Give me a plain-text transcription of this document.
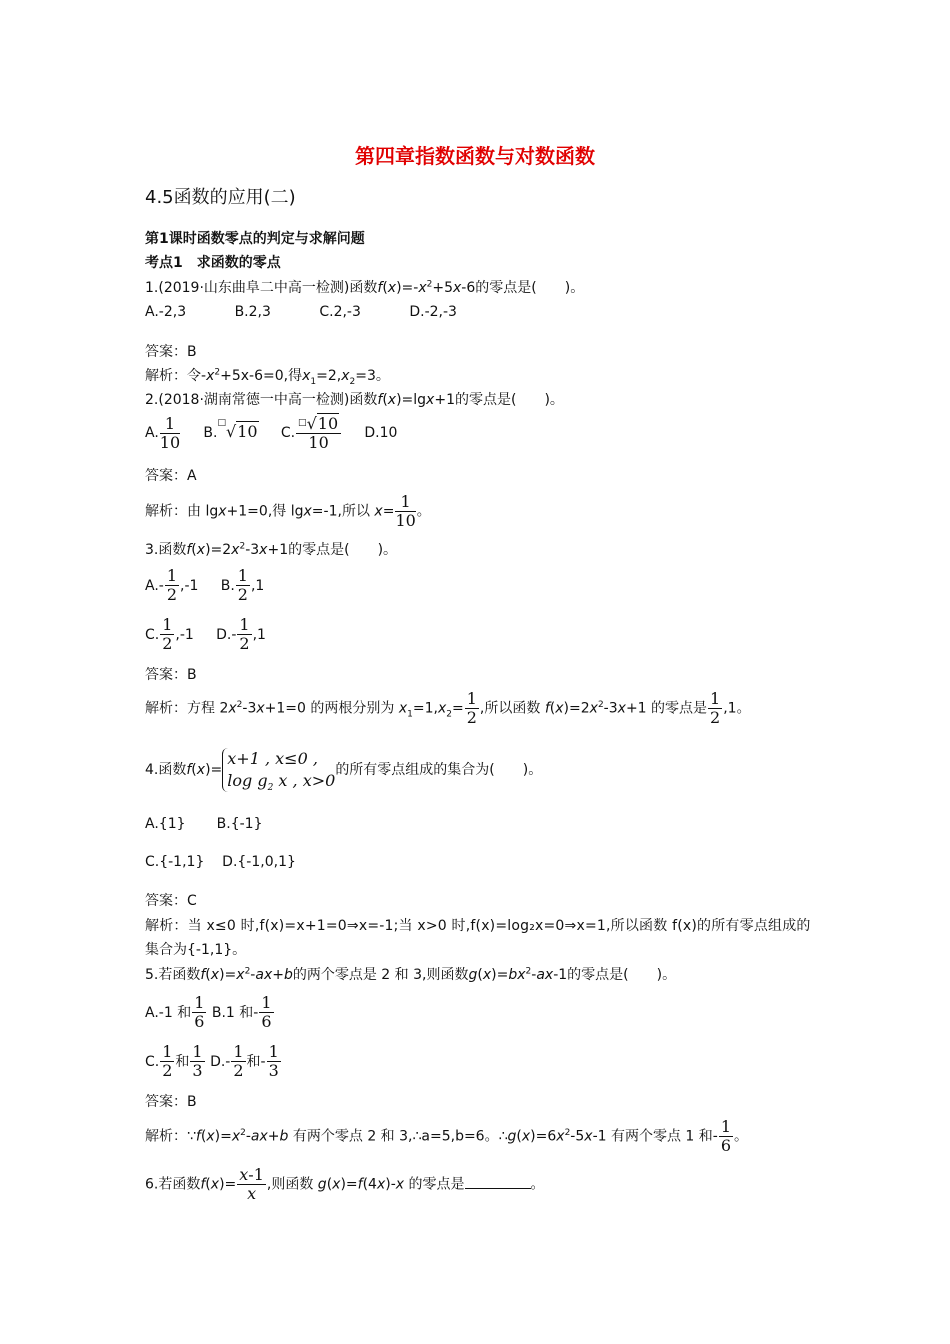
第四章指数函数与对数函数
4.5函数的应用(二)
第1课时函数零点的判定与求解问题
考点1　求函数的零点
1.(2019·山东曲阜二中高一检测)函数$f(x)=-x^2+5x-6$的零点是(　　)。
A.-2,3	B.2,3	C.2,-3	D.-2,-3
答案：B
解析：令$-x^2+5x-6=0$,得$x_1=2,x_2=3$。
2.(2018·湖南常德一中高一检测)函数f(x)=lgx+1的零点是(　　)。
A. $\frac{1}{10} B.^□√10$ C. $\frac{^□√10}{10} D.10$
答案：A
解析：由 lgx+1=0,得 lgx=-1,所以 $x= \frac{1}{10}$ 。
3.函数$f(x)=2x^2-3x+1$的零点是(　　)。
$A.- \frac{1}{2} ,-1$ B. $\frac{1}{2} ,1$
C. $\frac{1}{2} ,-1$ $D.- \frac{1}{2} ,1$
答案：B
解析：方程 $2x^2-3x+1=0$ 的两根分别为 $x_1=1,x_2= \frac{1}{2}$ ,所以函数 $f(x)=2x^2-3x+1$ 的零点是 $\frac{1}{2} ,1$。
4.函数f(x)=
x+1 , x≤0 ,
$\log g_2$ x , x>0
的所有零点组成的集合为(　　)。
A.{1} B.{-1}
C.{-1,1} D.{-1,0,1}
答案：C
解析：当 x≤0 时,f(x)=x+1=0⇒x=-1;当 x>0 时,f(x)=log₂x=0⇒x=1,所以函数 f(x)的所有零点组成的
集合为{-1,1}。
5.若函数$f(x)=x^2-ax+b$的两个零点是 2 和 3,则函数$g(x)=bx^2-ax-1$的零点是(　　)。
A.-1 和 $\frac{1}{6} B.1$ 和- $\frac{1}{6}$
C. $\frac{1}{2}$ 和 $\frac{1}{3} D.- \frac{1}{2}$ 和- $\frac{1}{3}$
答案：B
解析：$\because f(x)=x^2-ax+b$ 有两个零点 2 和 3,∴a=5,b=6。$\therefore g(x)=6x^2-5x-1$ 有两个零点 1 和- $\frac{1}{6}$ 。
6.若函数$f(x)= \frac{x-1}{x}$ ,则函数 g(x)=f(4x)-x 的零点是	。
